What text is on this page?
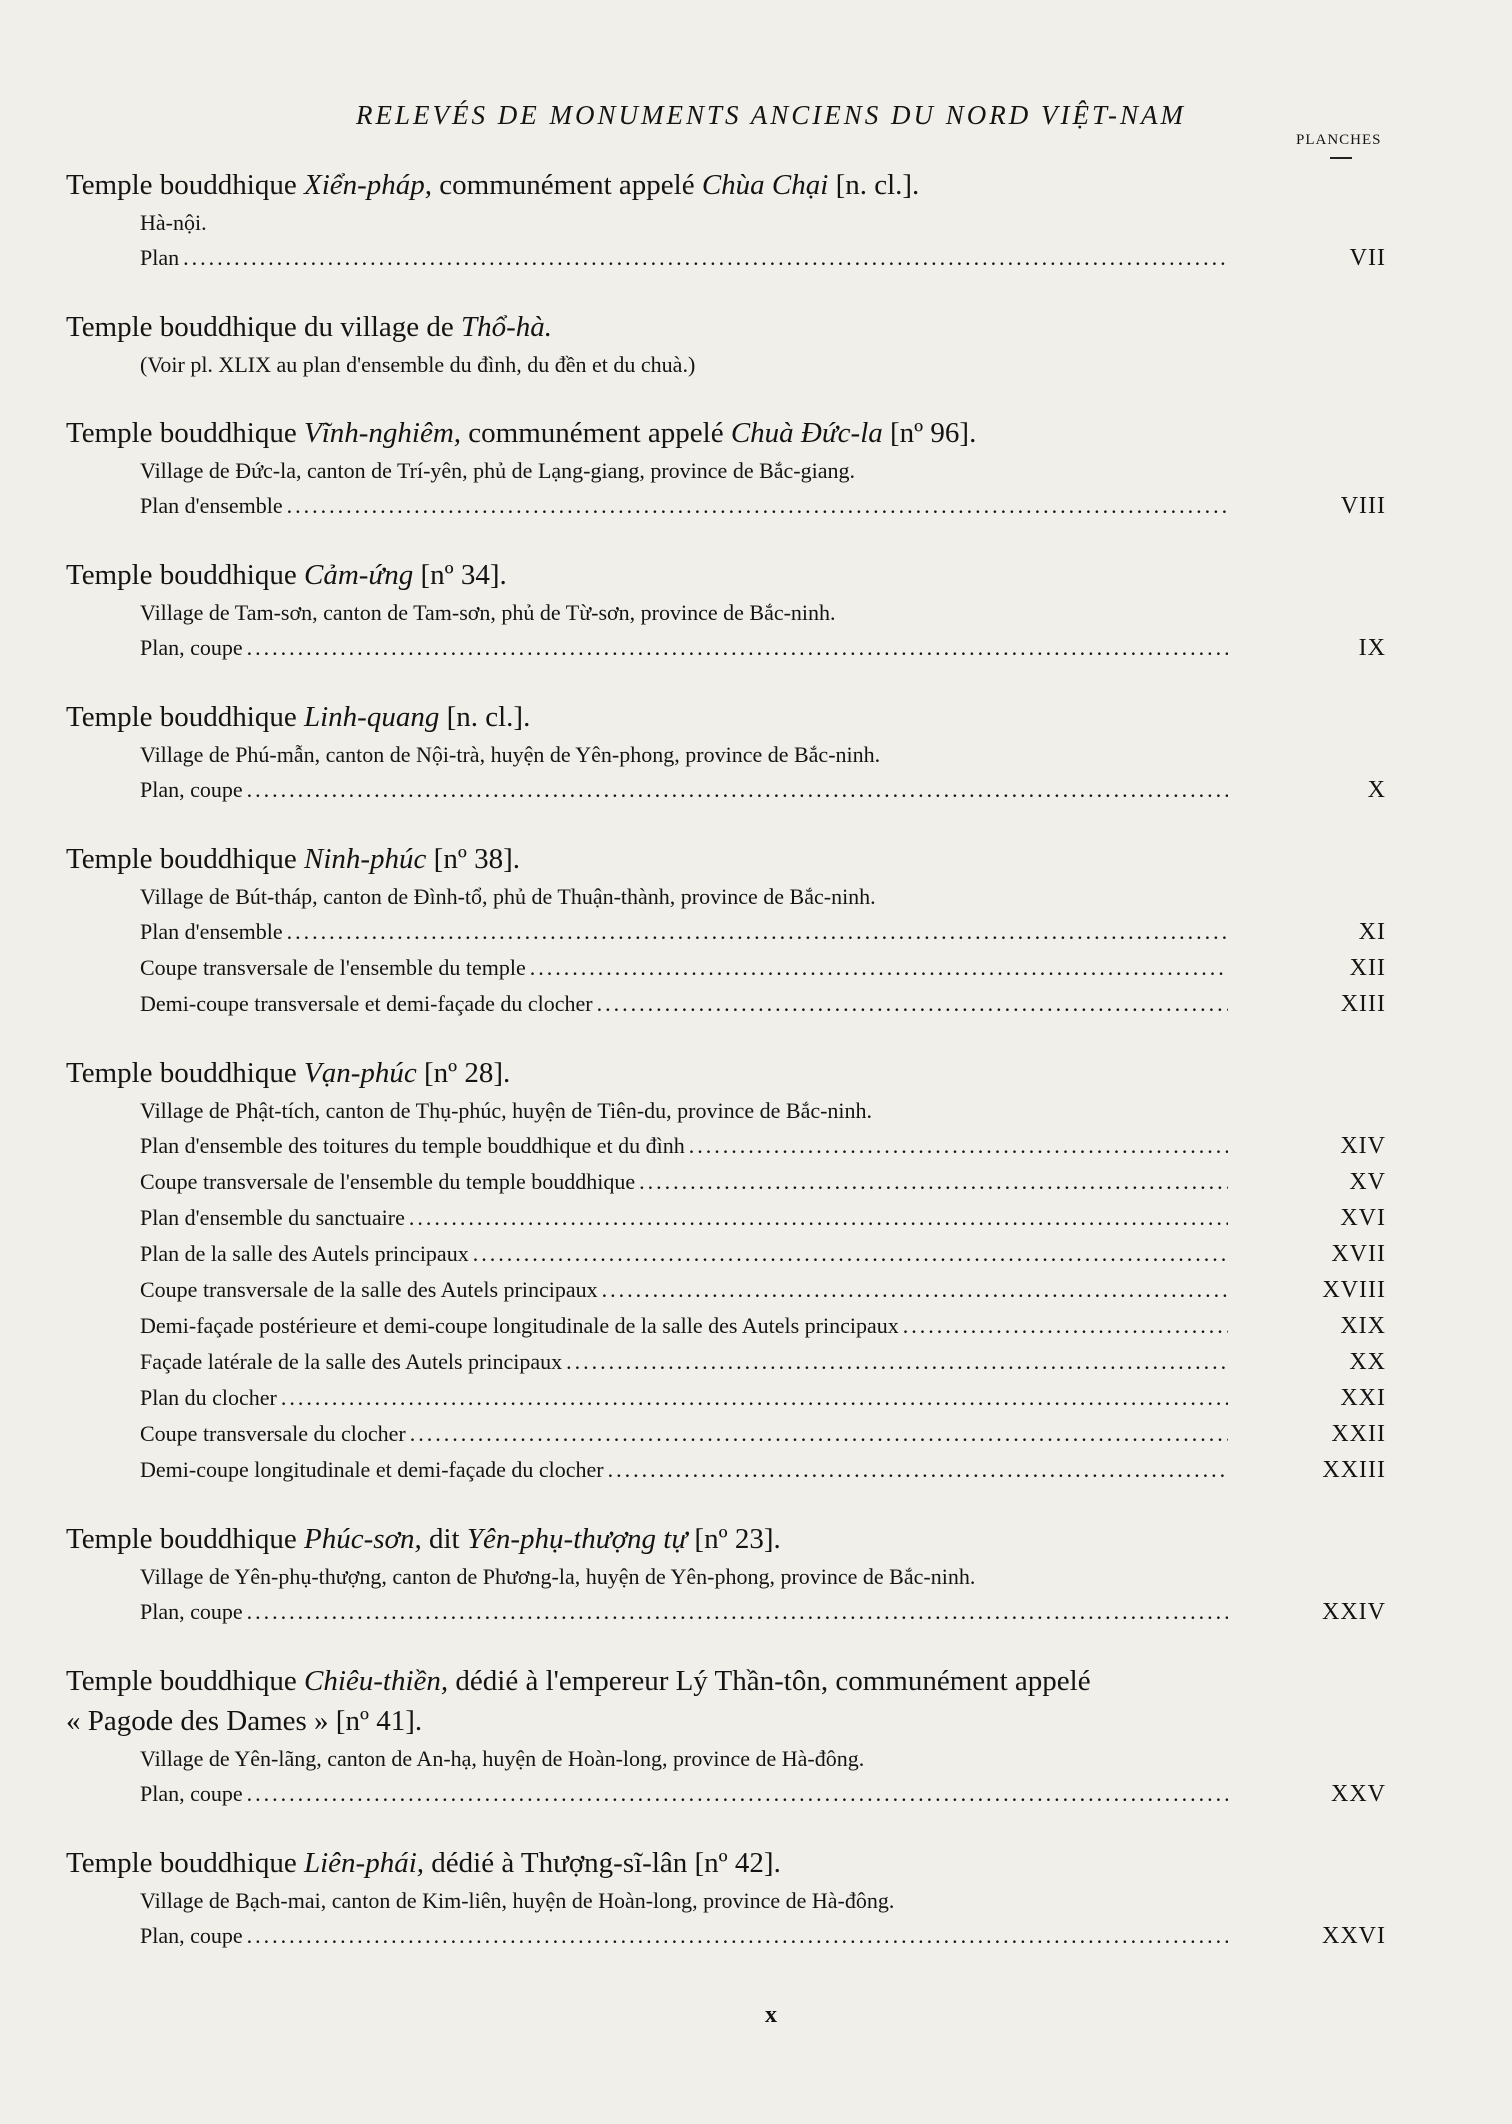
RELEVÉS DE MONUMENTS ANCIENS DU NORD VIỆT-NAM
PLANCHES
Temple bouddhique Xiển-pháp, communément appelé Chùa Chại [n. cl.].
Hà-nội.
Plan .....	VII
Temple bouddhique du village de Thổ-hà.
(Voir pl. XLIX au plan d'ensemble du đình, du đền et du chuà.)
Temple bouddhique Vĩnh-nghiêm, communément appelé Chuà Đức-la [nº 96].
Village de Đức-la, canton de Trí-yên, phủ de Lạng-giang, province de Bắc-giang.
Plan d'ensemble .....	VIII
Temple bouddhique Cảm-ứng [nº 34].
Village de Tam-sơn, canton de Tam-sơn, phủ de Từ-sơn, province de Bắc-ninh.
Plan, coupe .....	IX
Temple bouddhique Linh-quang [n. cl.].
Village de Phú-mẫn, canton de Nội-trà, huyện de Yên-phong, province de Bắc-ninh.
Plan, coupe .....	X
Temple bouddhique Ninh-phúc [nº 38].
Village de Bút-tháp, canton de Đình-tổ, phủ de Thuận-thành, province de Bắc-ninh.
Plan d'ensemble .....	XI
Coupe transversale de l'ensemble du temple .....	XII
Demi-coupe transversale et demi-façade du clocher .....	XIII
Temple bouddhique Vạn-phúc [nº 28].
Village de Phật-tích, canton de Thụ-phúc, huyện de Tiên-du, province de Bắc-ninh.
Plan d'ensemble des toitures du temple bouddhique et du đình .....	XIV
Coupe transversale de l'ensemble du temple bouddhique .....	XV
Plan d'ensemble du sanctuaire .....	XVI
Plan de la salle des Autels principaux .....	XVII
Coupe transversale de la salle des Autels principaux .....	XVIII
Demi-façade postérieure et demi-coupe longitudinale de la salle des Autels principaux .....	XIX
Façade latérale de la salle des Autels principaux .....	XX
Plan du clocher .....	XXI
Coupe transversale du clocher .....	XXII
Demi-coupe longitudinale et demi-façade du clocher .....	XXIII
Temple bouddhique Phúc-sơn, dit Yên-phụ-thượng tự [nº 23].
Village de Yên-phụ-thượng, canton de Phương-la, huyện de Yên-phong, province de Bắc-ninh.
Plan, coupe .....	XXIV
Temple bouddhique Chiêu-thiền, dédié à l'empereur Lý Thần-tôn, communément appelé
« Pagode des Dames » [nº 41].
Village de Yên-lãng, canton de An-hạ, huyện de Hoàn-long, province de Hà-đông.
Plan, coupe .....	XXV
Temple bouddhique Liên-phái, dédié à Thượng-sĩ-lân [nº 42].
Village de Bạch-mai, canton de Kim-liên, huyện de Hoàn-long, province de Hà-đông.
Plan, coupe .....	XXVI
x
